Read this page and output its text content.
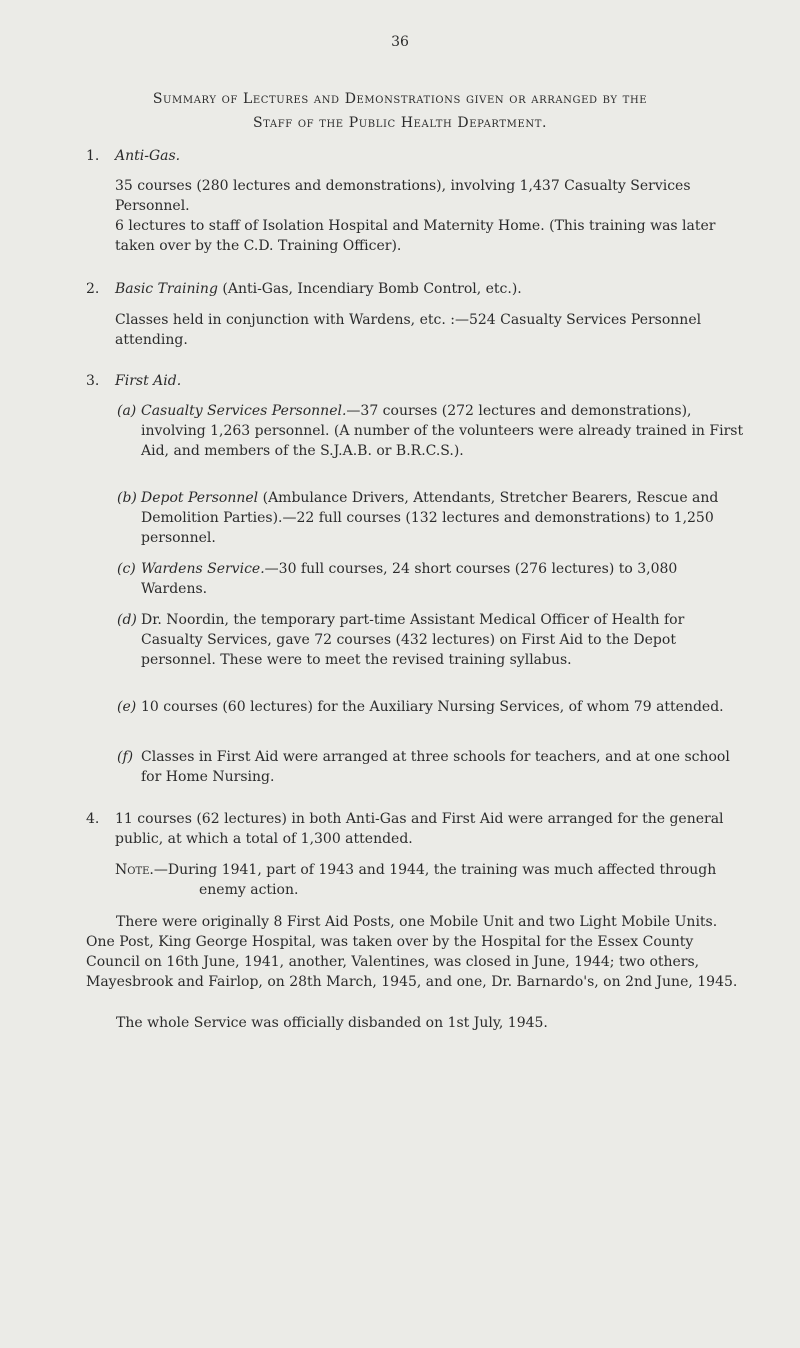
36
Summary of Lectures and Demonstrations given or arranged by the
Staff of the Public Health Department.
1. Anti-Gas.
35 courses (280 lectures and demonstrations), involving 1,437 Casualty Services Personnel.
6 lectures to staff of Isolation Hospital and Maternity Home. (This training was later taken over by the C.D. Training Officer).
2. Basic Training (Anti-Gas, Incendiary Bomb Control, etc.).
Classes held in conjunction with Wardens, etc. :—524 Casualty Services Personnel attending.
3. First Aid.
(a) Casualty Services Personnel.—37 courses (272 lectures and demonstrations), involving 1,263 personnel. (A number of the volunteers were already trained in First Aid, and members of the S.J.A.B. or B.R.C.S.).
(b) Depot Personnel (Ambulance Drivers, Attendants, Stretcher Bearers, Rescue and Demolition Parties).—22 full courses (132 lectures and demonstrations) to 1,250 personnel.
(c) Wardens Service.—30 full courses, 24 short courses (276 lectures) to 3,080 Wardens.
(d) Dr. Noordin, the temporary part-time Assistant Medical Officer of Health for Casualty Services, gave 72 courses (432 lectures) on First Aid to the Depot personnel. These were to meet the revised training syllabus.
(e) 10 courses (60 lectures) for the Auxiliary Nursing Services, of whom 79 attended.
(f) Classes in First Aid were arranged at three schools for teachers, and at one school for Home Nursing.
4. 11 courses (62 lectures) in both Anti-Gas and First Aid were arranged for the general public, at which a total of 1,300 attended.
Note.—During 1941, part of 1943 and 1944, the training was much affected through enemy action.
There were originally 8 First Aid Posts, one Mobile Unit and two Light Mobile Units. One Post, King George Hospital, was taken over by the Hospital for the Essex County Council on 16th June, 1941, another, Valentines, was closed in June, 1944; two others, Mayesbrook and Fairlop, on 28th March, 1945, and one, Dr. Barnardo's, on 2nd June, 1945.
The whole Service was officially disbanded on 1st July, 1945.
